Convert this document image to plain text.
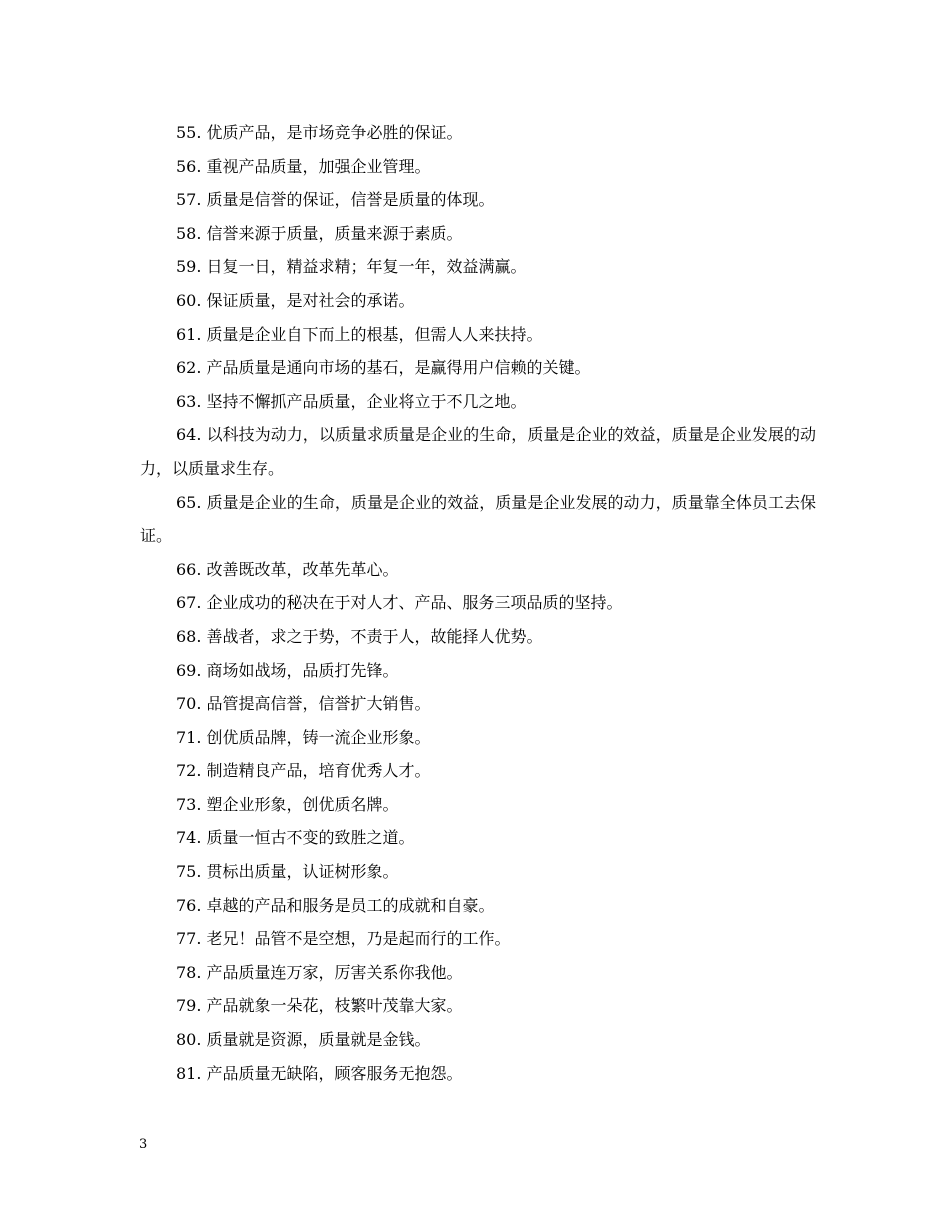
55. 优质产品，是市场竞争必胜的保证。

56. 重视产品质量，加强企业管理。

57. 质量是信誉的保证，信誉是质量的体现。

58. 信誉来源于质量，质量来源于素质。

59. 日复一日，精益求精；年复一年，效益满赢。

60. 保证质量，是对社会的承诺。

61. 质量是企业自下而上的根基，但需人人来扶持。

62. 产品质量是通向市场的基石，是赢得用户信赖的关键。

63. 坚持不懈抓产品质量，企业将立于不几之地。

64. 以科技为动力，以质量求质量是企业的生命，质量是企业的效益，质量是企业发展的动力，以质量求生存。

65. 质量是企业的生命，质量是企业的效益，质量是企业发展的动力，质量靠全体员工去保证。

66. 改善既改革，改革先革心。

67. 企业成功的秘决在于对人才、产品、服务三项品质的坚持。

68. 善战者，求之于势，不责于人，故能择人优势。

69. 商场如战场，品质打先锋。

70. 品管提高信誉，信誉扩大销售。

71. 创优质品牌，铸一流企业形象。

72. 制造精良产品，培育优秀人才。

73. 塑企业形象，创优质名牌。

74. 质量一恒古不变的致胜之道。

75. 贯标出质量，认证树形象。

76. 卓越的产品和服务是员工的成就和自豪。

77. 老兄！品管不是空想，乃是起而行的工作。

78. 产品质量连万家，厉害关系你我他。

79. 产品就象一朵花，枝繁叶茂靠大家。

80. 质量就是资源，质量就是金钱。

81. 产品质量无缺陷，顾客服务无抱怨。

3
